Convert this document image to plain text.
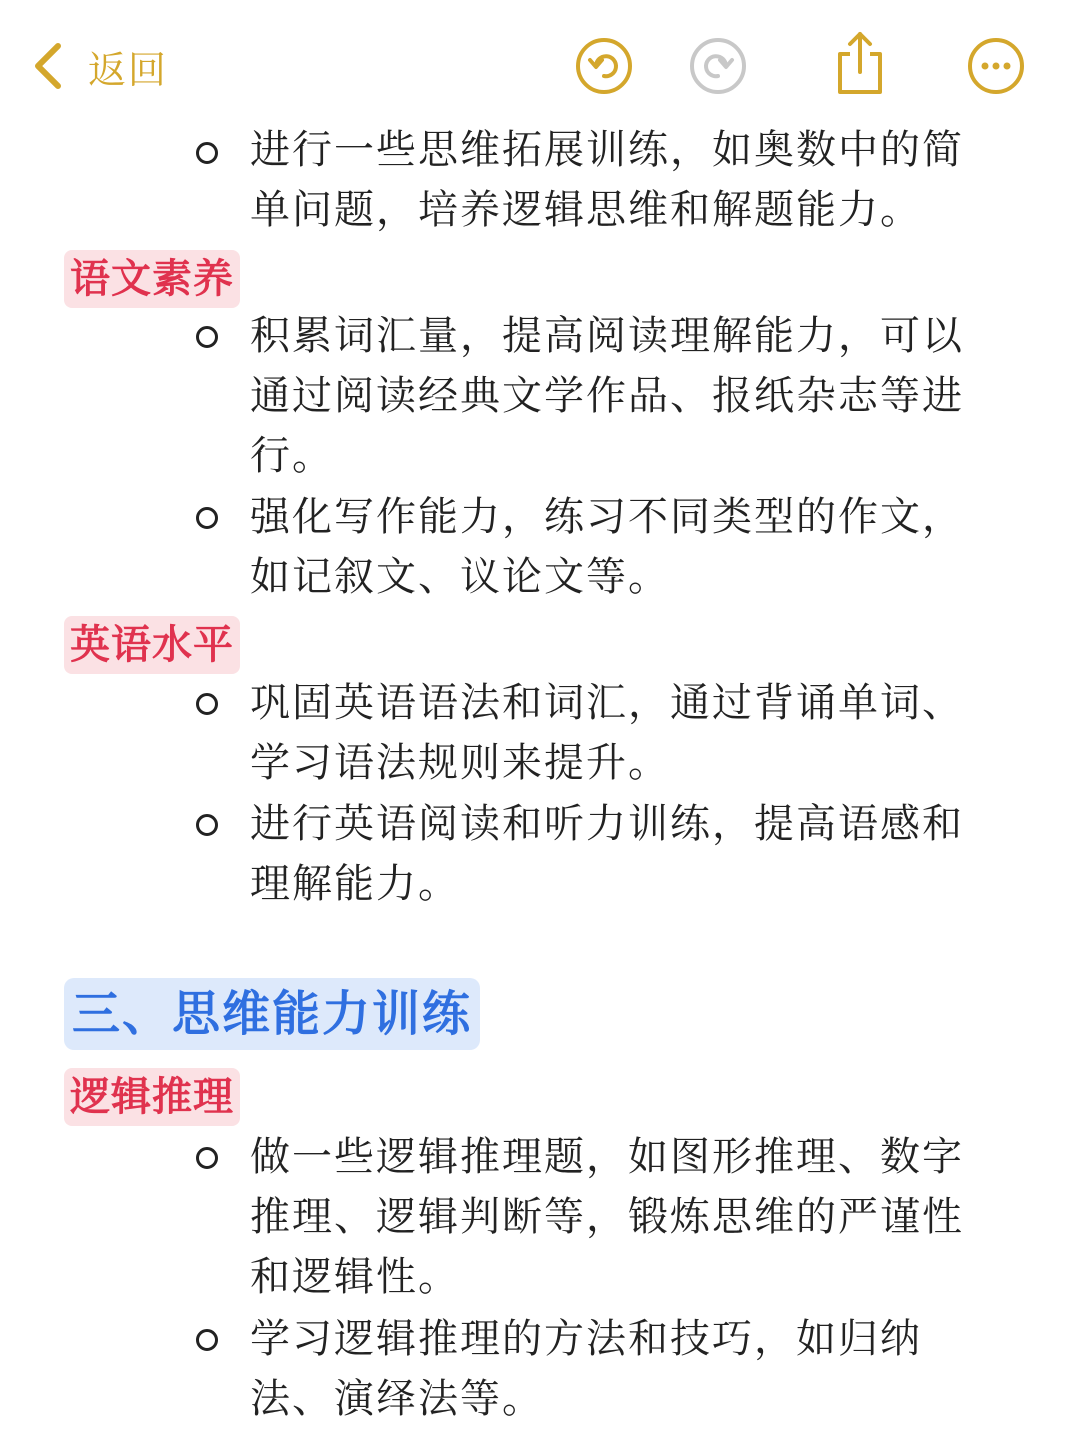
返回
进行一些思维拓展训练，如奥数中的简
单问题，培养逻辑思维和解题能力。
语文素养
积累词汇量，提高阅读理解能力，可以
通过阅读经典文学作品、报纸杂志等进
行。
强化写作能力，练习不同类型的作文，
如记叙文、议论文等。
英语水平
巩固英语语法和词汇，通过背诵单词、
学习语法规则来提升。
进行英语阅读和听力训练，提高语感和
理解能力。
三、思维能力训练
逻辑推理
做一些逻辑推理题，如图形推理、数字
推理、逻辑判断等，锻炼思维的严谨性
和逻辑性。
学习逻辑推理的方法和技巧，如归纳
法、演绎法等。
